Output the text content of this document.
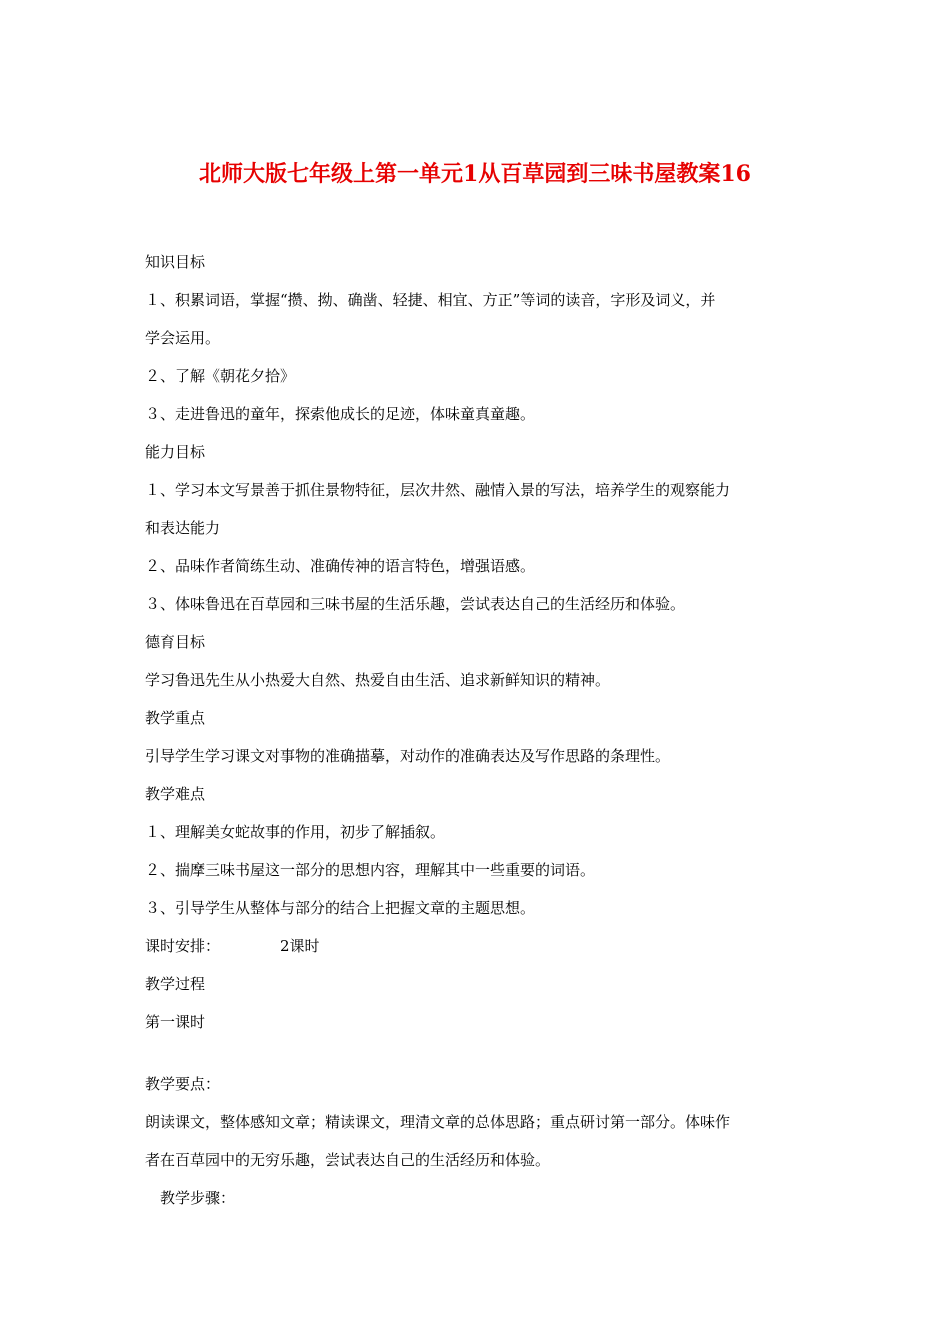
北师大版七年级上第一单元1从百草园到三味书屋教案16
知识目标
１、积累词语，掌握“攒、拗、确凿、轻捷、相宜、方正”等词的读音，字形及词义，并
学会运用。
２、了解《朝花夕拾》
３、走进鲁迅的童年，探索他成长的足迹，体味童真童趣。
能力目标
１、学习本文写景善于抓住景物特征，层次井然、融情入景的写法，培养学生的观察能力
和表达能力
２、品味作者简练生动、准确传神的语言特色，增强语感。
３、体味鲁迅在百草园和三味书屋的生活乐趣，尝试表达自己的生活经历和体验。
德育目标
学习鲁迅先生从小热爱大自然、热爱自由生活、追求新鲜知识的精神。
教学重点
引导学生学习课文对事物的准确描摹，对动作的准确表达及写作思路的条理性。
教学难点
１、理解美女蛇故事的作用，初步了解插叙。
２、揣摩三味书屋这一部分的思想内容，理解其中一些重要的词语。
３、引导学生从整体与部分的结合上把握文章的主题思想。
课时安排：	2课时
教学过程
第一课时
教学要点：
朗读课文，整体感知文章；精读课文，理清文章的总体思路；重点研讨第一部分。体味作
者在百草园中的无穷乐趣，尝试表达自己的生活经历和体验。
教学步骤：
